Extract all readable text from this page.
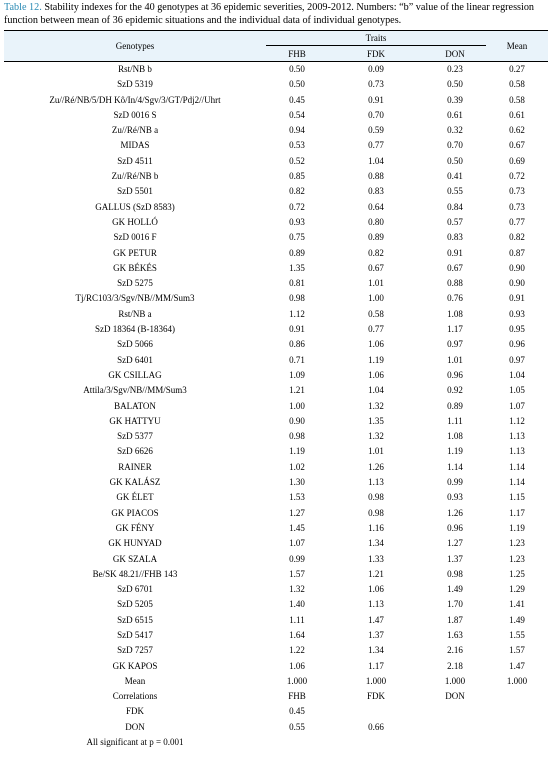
Table 12. Stability indexes for the 40 genotypes at 36 epidemic severities, 2009-2012. Numbers: “b” value of the linear regression function between mean of 36 epidemic situations and the individual data of individual genotypes.
Genotypes	Traits			Mean
	FHB	FDK	DON	
Rst/NB b	0.50	0.09	0.23	0.27
SzD 5319	0.50	0.73	0.50	0.58
Zu//Ré/NB/5/DH Kô/In/4/Sgv/3/GT/Pdj2//Uhrt	0.45	0.91	0.39	0.58
SzD 0016 S	0.54	0.70	0.61	0.61
Zu//Ré/NB a	0.94	0.59	0.32	0.62
MIDAS	0.53	0.77	0.70	0.67
SzD 4511	0.52	1.04	0.50	0.69
Zu//Ré/NB b	0.85	0.88	0.41	0.72
SzD 5501	0.82	0.83	0.55	0.73
GALLUS (SzD 8583)	0.72	0.64	0.84	0.73
GK HOLLÓ	0.93	0.80	0.57	0.77
SzD 0016 F	0.75	0.89	0.83	0.82
GK PETUR	0.89	0.82	0.91	0.87
GK BÉKÉS	1.35	0.67	0.67	0.90
SzD 5275	0.81	1.01	0.88	0.90
Tj/RC103/3/Sgv/NB//MM/Sum3	0.98	1.00	0.76	0.91
Rst/NB a	1.12	0.58	1.08	0.93
SzD 18364 (B-18364)	0.91	0.77	1.17	0.95
SzD 5066	0.86	1.06	0.97	0.96
SzD 6401	0.71	1.19	1.01	0.97
GK CSILLAG	1.09	1.06	0.96	1.04
Attila/3/Sgv/NB//MM/Sum3	1.21	1.04	0.92	1.05
BALATON	1.00	1.32	0.89	1.07
GK HATTYU	0.90	1.35	1.11	1.12
SzD 5377	0.98	1.32	1.08	1.13
SzD 6626	1.19	1.01	1.19	1.13
RAINER	1.02	1.26	1.14	1.14
GK KALÁSZ	1.30	1.13	0.99	1.14
GK ÉLET	1.53	0.98	0.93	1.15
GK PIACOS	1.27	0.98	1.26	1.17
GK FÉNY	1.45	1.16	0.96	1.19
GK HUNYAD	1.07	1.34	1.27	1.23
GK SZALA	0.99	1.33	1.37	1.23
Be/SK 48.21//FHB 143	1.57	1.21	0.98	1.25
SzD 6701	1.32	1.06	1.49	1.29
SzD 5205	1.40	1.13	1.70	1.41
SzD 6515	1.11	1.47	1.87	1.49
SzD 5417	1.64	1.37	1.63	1.55
SzD 7257	1.22	1.34	2.16	1.57
GK KAPOS	1.06	1.17	2.18	1.47
Mean	1.000	1.000	1.000	1.000
Correlations	FHB	FDK	DON	
FDK	0.45			
DON	0.55	0.66		
All significant at p = 0.001				
